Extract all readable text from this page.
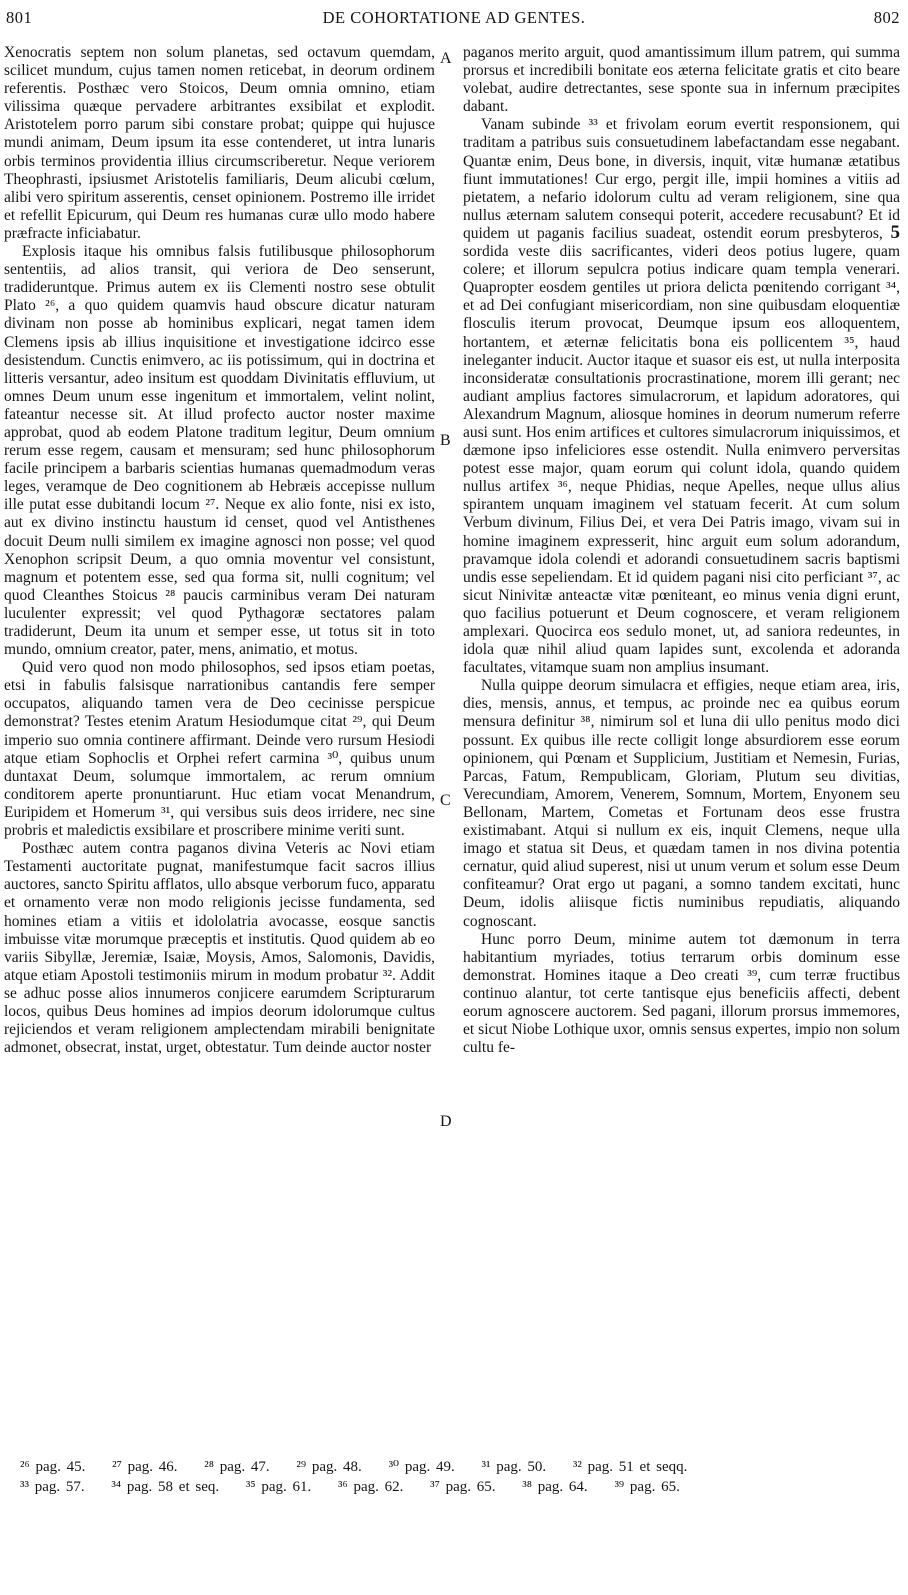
801	DE COHORTATIONE AD GENTES.	802

Xenocratis septem non solum planetas, sed octavum quemdam, scilicet mundum, cujus tamen nomen reticebat, in deorum ordinem referentis. Posthæc vero Stoicos, Deum omnia omnino, etiam vilissima quæque pervadere arbitrantes exsibilat et explodit. Aristotelem porro parum sibi constare probat; quippe qui hujusce mundi animam, Deum ipsum ita esse contenderet, ut intra lunaris orbis terminos providentia illius circumscriberetur. Neque veriorem Theophrasti, ipsiusmet Aristotelis familiaris, Deum alicubi cœlum, alibi vero spiritum asserentis, censet opinionem. Postremo ille irridet et refellit Epicurum, qui Deum res humanas curæ ullo modo habere præfracte inficiabatur.

Explosis itaque his omnibus falsis futilibusque philosophorum sententiis, ad alios transit, qui veriora de Deo senserunt, tradideruntque. Primus autem ex iis Clementi nostro sese obtulit Plato ²⁶, a quo quidem quamvis haud obscure dicatur naturam divinam non posse ab hominibus explicari, negat tamen idem Clemens ipsis ab illius inquisitione et investigatione idcirco esse desistendum. Cunctis enimvero, ac iis potissimum, qui in doctrina et litteris versantur, adeo insitum est quoddam Divinitatis effluvium, ut omnes Deum unum esse ingenitum et immortalem, velint nolint, fateantur necesse sit. At illud profecto auctor noster maxime approbat, quod ab eodem Platone traditum legitur, Deum omnium rerum esse regem, causam et mensuram; sed hunc philosophorum facile principem a barbaris scientias humanas quemadmodum veras leges, veramque de Deo cognitionem ab Hebræis accepisse nullum ille putat esse dubitandi locum ²⁷. Neque ex alio fonte, nisi ex isto, aut ex divino instinctu haustum id censet, quod vel Antisthenes docuit Deum nulli similem ex imagine agnosci non posse; vel quod Xenophon scripsit Deum, a quo omnia moventur vel consistunt, magnum et potentem esse, sed qua forma sit, nulli cognitum; vel quod Cleanthes Stoicus ²⁸ paucis carminibus veram Dei naturam luculenter expressit; vel quod Pythagoræ sectatores palam tradiderunt, Deum ita unum et semper esse, ut totus sit in toto mundo, omnium creator, pater, mens, animatio, et motus.

Quid vero quod non modo philosophos, sed ipsos etiam poetas, etsi in fabulis falsisque narrationibus cantandis fere semper occupatos, aliquando tamen vera de Deo cecinisse perspicue demonstrat? Testes etenim Aratum Hesiodumque citat ²⁹, qui Deum imperio suo omnia continere affirmant. Deinde vero rursum Hesiodi atque etiam Sophoclis et Orphei refert carmina ³⁰, quibus unum duntaxat Deum, solumque immortalem, ac rerum omnium conditorem aperte pronuntiarunt. Huc etiam vocat Menandrum, Euripidem et Homerum ³¹, qui versibus suis deos irridere, nec sine probris et maledictis exsibilare et proscribere minime veriti sunt.

Posthæc autem contra paganos divina Veteris ac Novi etiam Testamenti auctoritate pugnat, manifestumque facit sacros illius auctores, sancto Spiritu afflatos, ullo absque verborum fuco, apparatu et ornamento veræ non modo religionis jecisse fundamenta, sed homines etiam a vitiis et idololatria avocasse, eosque sanctis imbuisse vitæ morumque præceptis et institutis. Quod quidem ab eo variis Sibyllæ, Jeremiæ, Isaiæ, Moysis, Amos, Salomonis, Davidis, atque etiam Apostoli testimoniis mirum in modum probatur ³². Addit se adhuc posse alios innumeros conjicere earumdem Scripturarum locos, quibus Deus homines ad impios deorum idolorumque cultus rejiciendos et veram religionem amplectendam mirabili benignitate admonet, obsecrat, instat, urget, obtestatur. Tum deinde auctor noster

A
B
C
D

paganos merito arguit, quod amantissimum illum patrem, qui summa prorsus et incredibili bonitate eos æterna felicitate gratis et cito beare volebat, audire detrectantes, sese sponte sua in infernum præcipites dabant.

Vanam subinde ³³ et frivolam eorum evertit responsionem, qui traditam a patribus suis consuetudinem labefactandam esse negabant. Quantæ enim, Deus bone, in diversis, inquit, vitæ humanæ ætatibus fiunt immutationes! Cur ergo, pergit ille, impii homines a vitiis ad pietatem, a nefario idolorum cultu ad veram religionem, sine qua nullus æternam salutem consequi poterit, accedere recusabunt? Et id quidem ut paganis facilius suadeat, ostendit eorum presbyteros, 5 sordida veste diis sacrificantes, videri deos potius lugere, quam colere; et illorum sepulcra potius indicare quam templa venerari. Quapropter eosdem gentiles ut priora delicta pœnitendo corrigant ³⁴, et ad Dei confugiant misericordiam, non sine quibusdam eloquentiæ flosculis iterum provocat, Deumque ipsum eos alloquentem, hortantem, et æternæ felicitatis bona eis pollicentem ³⁵, haud ineleganter inducit. Auctor itaque et suasor eis est, ut nulla interposita inconsideratæ consultationis procrastinatione, morem illi gerant; nec audiant amplius factores simulacrorum, et lapidum adoratores, qui Alexandrum Magnum, aliosque homines in deorum numerum referre ausi sunt. Hos enim artifices et cultores simulacrorum iniquissimos, et dæmone ipso infeliciores esse ostendit. Nulla enimvero perversitas potest esse major, quam eorum qui colunt idola, quando quidem nullus artifex ³⁶, neque Phidias, neque Apelles, neque ullus alius spirantem unquam imaginem vel statuam fecerit. At cum solum Verbum divinum, Filius Dei, et vera Dei Patris imago, vivam sui in homine imaginem expresserit, hinc arguit eum solum adorandum, pravamque idola colendi et adorandi consuetudinem sacris baptismi undis esse sepeliendam. Et id quidem pagani nisi cito perficiant ³⁷, ac sicut Ninivitæ anteactæ vitæ pœniteant, eo minus venia digni erunt, quo facilius potuerunt et Deum cognoscere, et veram religionem amplexari. Quocirca eos sedulo monet, ut, ad saniora redeuntes, in idola quæ nihil aliud quam lapides sunt, excolenda et adoranda facultates, vitamque suam non amplius insumant.

Nulla quippe deorum simulacra et effigies, neque etiam area, iris, dies, mensis, annus, et tempus, ac proinde nec ea quibus eorum mensura definitur ³⁸, nimirum sol et luna dii ullo penitus modo dici possunt. Ex quibus ille recte colligit longe absurdiorem esse eorum opinionem, qui Pœnam et Supplicium, Justitiam et Nemesin, Furias, Parcas, Fatum, Rempublicam, Gloriam, Plutum seu divitias, Verecundiam, Amorem, Venerem, Somnum, Mortem, Enyonem seu Bellonam, Martem, Cometas et Fortunam deos esse frustra existimabant. Atqui si nullum ex eis, inquit Clemens, neque ulla imago et statua sit Deus, et quædam tamen in nos divina potentia cernatur, quid aliud superest, nisi ut unum verum et solum esse Deum confiteamur? Orat ergo ut pagani, a somno tandem excitati, hunc Deum, idolis aliisque fictis numinibus repudiatis, aliquando cognoscant.

Hunc porro Deum, minime autem tot dæmonum in terra habitantium myriades, totius terrarum orbis dominum esse demonstrat. Homines itaque a Deo creati ³⁹, cum terræ fructibus continuo alantur, tot certe tantisque ejus beneficiis affecti, debent eorum agnoscere auctorem. Sed pagani, illorum prorsus immemores, et sicut Niobe Lothique uxor, omnis sensus expertes, impio non solum cultu fe-

²⁶ pag. 45. ²⁷ pag. 46. ²⁸ pag. 47. ²⁹ pag. 48. ³⁰ pag. 49. ³¹ pag. 50. ³² pag. 51 et seqq.
³³ pag. 57. ³⁴ pag. 58 et seq. ³⁵ pag. 61. ³⁶ pag. 62. ³⁷ pag. 65. ³⁸ pag. 64. ³⁹ pag. 65.
